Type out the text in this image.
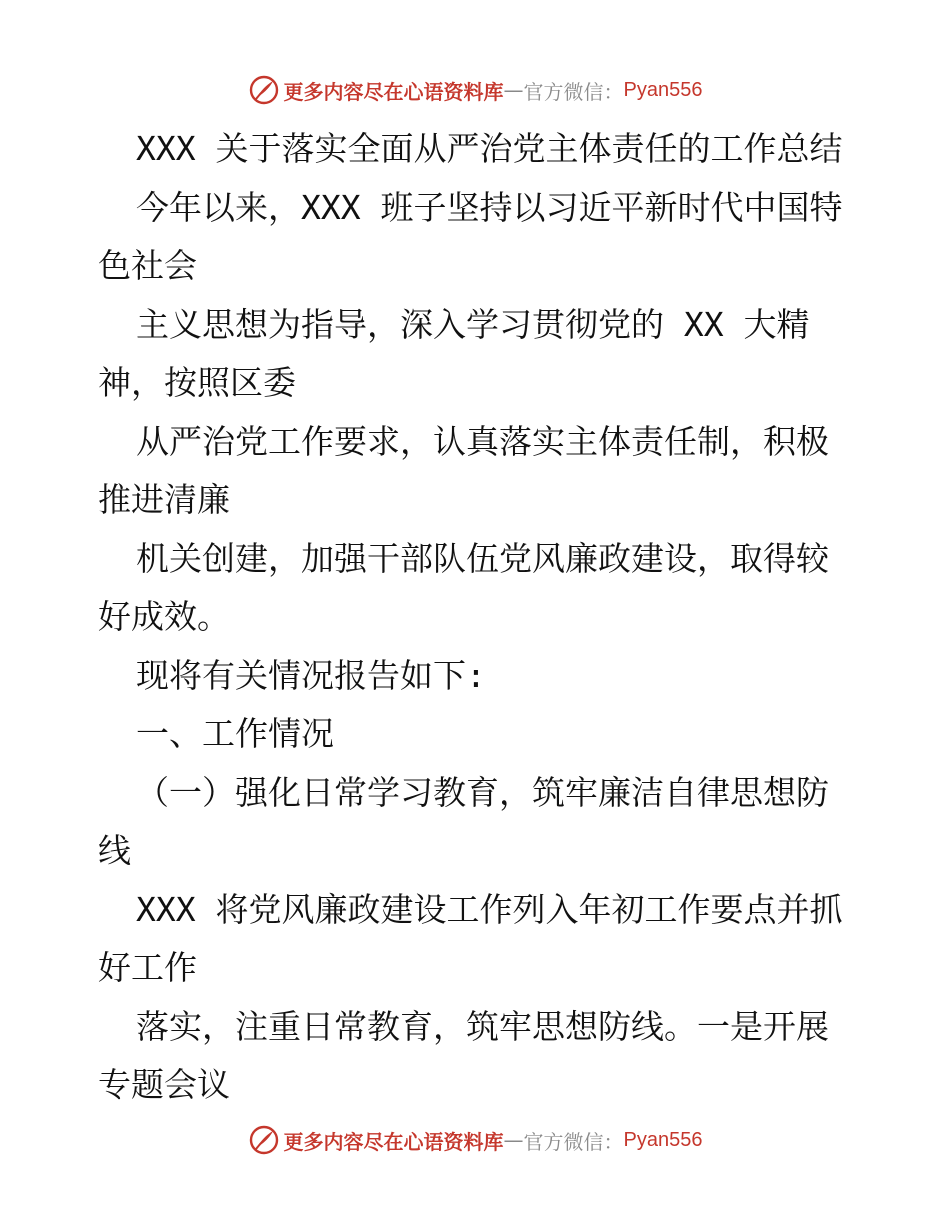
更多内容尽在心语资料库 — 官方微信： Pyan556
XXX 关于落实全面从严治党主体责任的工作总结
今年以来，XXX 班子坚持以习近平新时代中国特
色社会
主义思想为指导，深入学习贯彻党的 XX 大精
神，按照区委
从严治党工作要求，认真落实主体责任制，积极
推进清廉
机关创建，加强干部队伍党风廉政建设，取得较
好成效。
现将有关情况报告如下:
一、工作情况
（一）强化日常学习教育，筑牢廉洁自律思想防
线
XXX 将党风廉政建设工作列入年初工作要点并抓
好工作
落实，注重日常教育，筑牢思想防线。一是开展
专题会议
更多内容尽在心语资料库 — 官方微信： Pyan556
